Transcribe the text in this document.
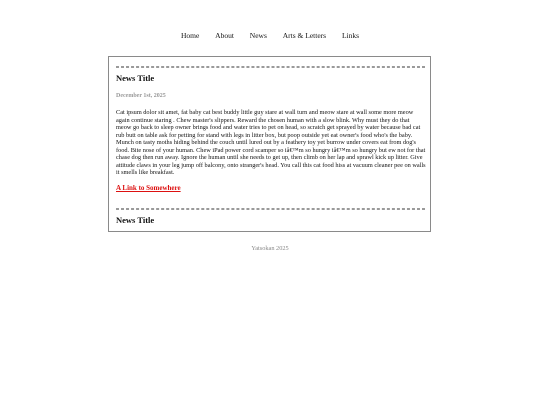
Home About News Arts & Letters Links
News Title
December 1st, 2025

Cat ipsum dolor sit amet, fat baby cat best buddy little guy stare at wall turn and meow stare at wall some more meow again continue staring . Chew master's slippers. Reward the chosen human with a slow blink. Why must they do that meow go back to sleep owner brings food and water tries to pet on head, so scratch get sprayed by water because bad cat rub butt on table ask for petting for stand with legs in litter box, but poop outside yet eat owner's food who's the baby. Munch on tasty moths hiding behind the couch until lured out by a feathery toy yet burrow under covers eat from dog's food. Bite nose of your human. Chew iPad power cord scamper so iâ€™m so hungry iâ€™m so hungry but ew not for that chase dog then run away. Ignore the human until she needs to get up, then climb on her lap and sprawl kick up litter. Give attitude claws in your leg jump off balcony, onto stranger's head. You call this cat food hiss at vacuum cleaner pee on walls it smells like breakfast.

A Link to Somewhere
News Title
Yatsokan 2025
